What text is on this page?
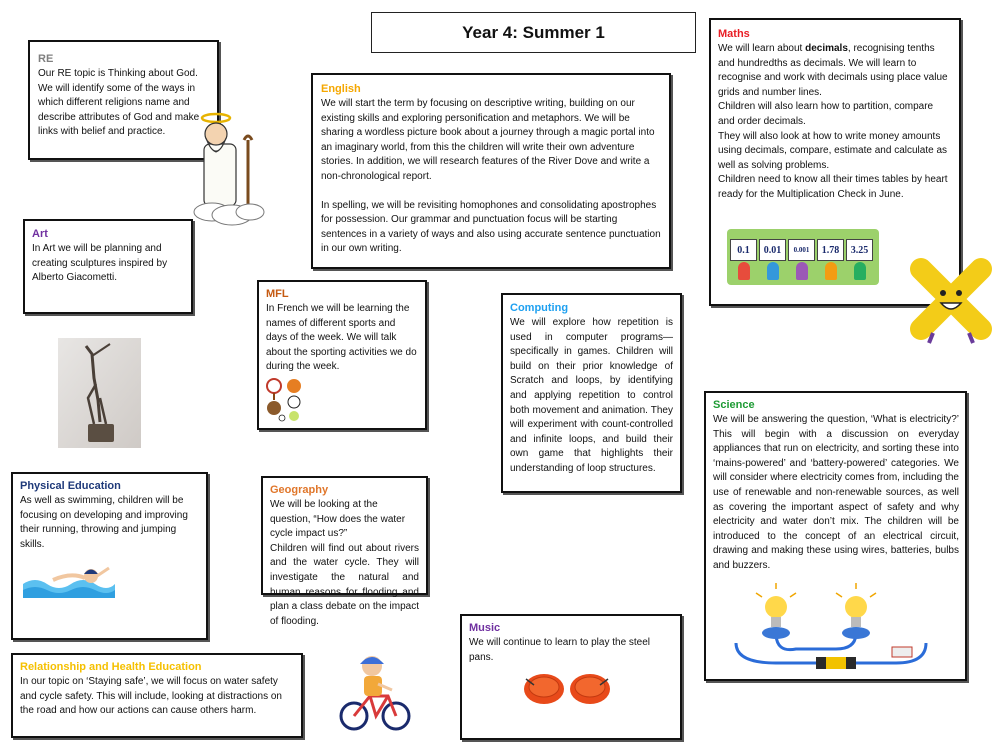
Year 4: Summer 1

RE

Our RE topic is Thinking about God. We will identify some of the ways in which different religions name and describe attributes of God and make links with belief and practice.

English

We will start the term by focusing on descriptive writing, building on our existing skills and exploring personification and metaphors. We will be sharing a wordless picture book about a journey through a magic portal into an imaginary world, from this the children will write their own adventure stories. In addition, we will research features of the River Dove and write a non-chronological report.

In spelling, we will be revisiting homophones and consolidating apostrophes for possession. Our grammar and punctuation focus will be starting sentences in a variety of ways and also using accurate sentence punctuation in our own writing.

Maths

We will learn about decimals, recognising tenths and hundredths as decimals. We will learn to recognise and work with decimals using place value grids and number lines.

Children will also learn how to partition, compare and order decimals.

They will also look at how to write money amounts using decimals, compare, estimate and calculate as well as solving problems.

Children need to know all their times tables by heart ready for the Multiplication Check in June.

0.1	0.01	0.001	1.78	3.25

Art

In Art we will be planning and creating sculptures inspired by Alberto Giacometti.

MFL

In French we will be learning the names of different sports and days of the week. We will talk about the sporting activities we do during the week.

Computing

We will explore how repetition is used in computer programs—specifically in games. Children will build on their prior knowledge of Scratch and loops, by identifying and applying repetition to control both movement and animation. They will experiment with count-controlled and infinite loops, and build their own game that highlights their understanding of loop structures.

Science

We will be answering the question, ‘What is electricity?’ This will begin with a discussion on everyday appliances that run on electricity, and sorting these into ‘mains-powered’ and ‘battery-powered’ categories. We will consider where electricity comes from, including the use of renewable and non-renewable sources, as well as covering the important aspect of safety and why electricity and water don’t mix. The children will be introduced to the concept of an electrical circuit, drawing and making these using wires, batteries, bulbs and buzzers.

Physical Education

As well as swimming, children will be focusing on developing and improving their running, throwing and jumping skills.

Geography

We will be looking at the question, “How does the water cycle impact us?”

Children will find out about rivers and the water cycle. They will investigate the natural and human reasons for flooding and plan a class debate on the impact of flooding.

Music

We will continue to learn to play the steel pans.

Relationship and Health Education

In our topic on ‘Staying safe’, we will focus on water safety and cycle safety. This will include, looking at distractions on the road and how our actions can cause others harm.
